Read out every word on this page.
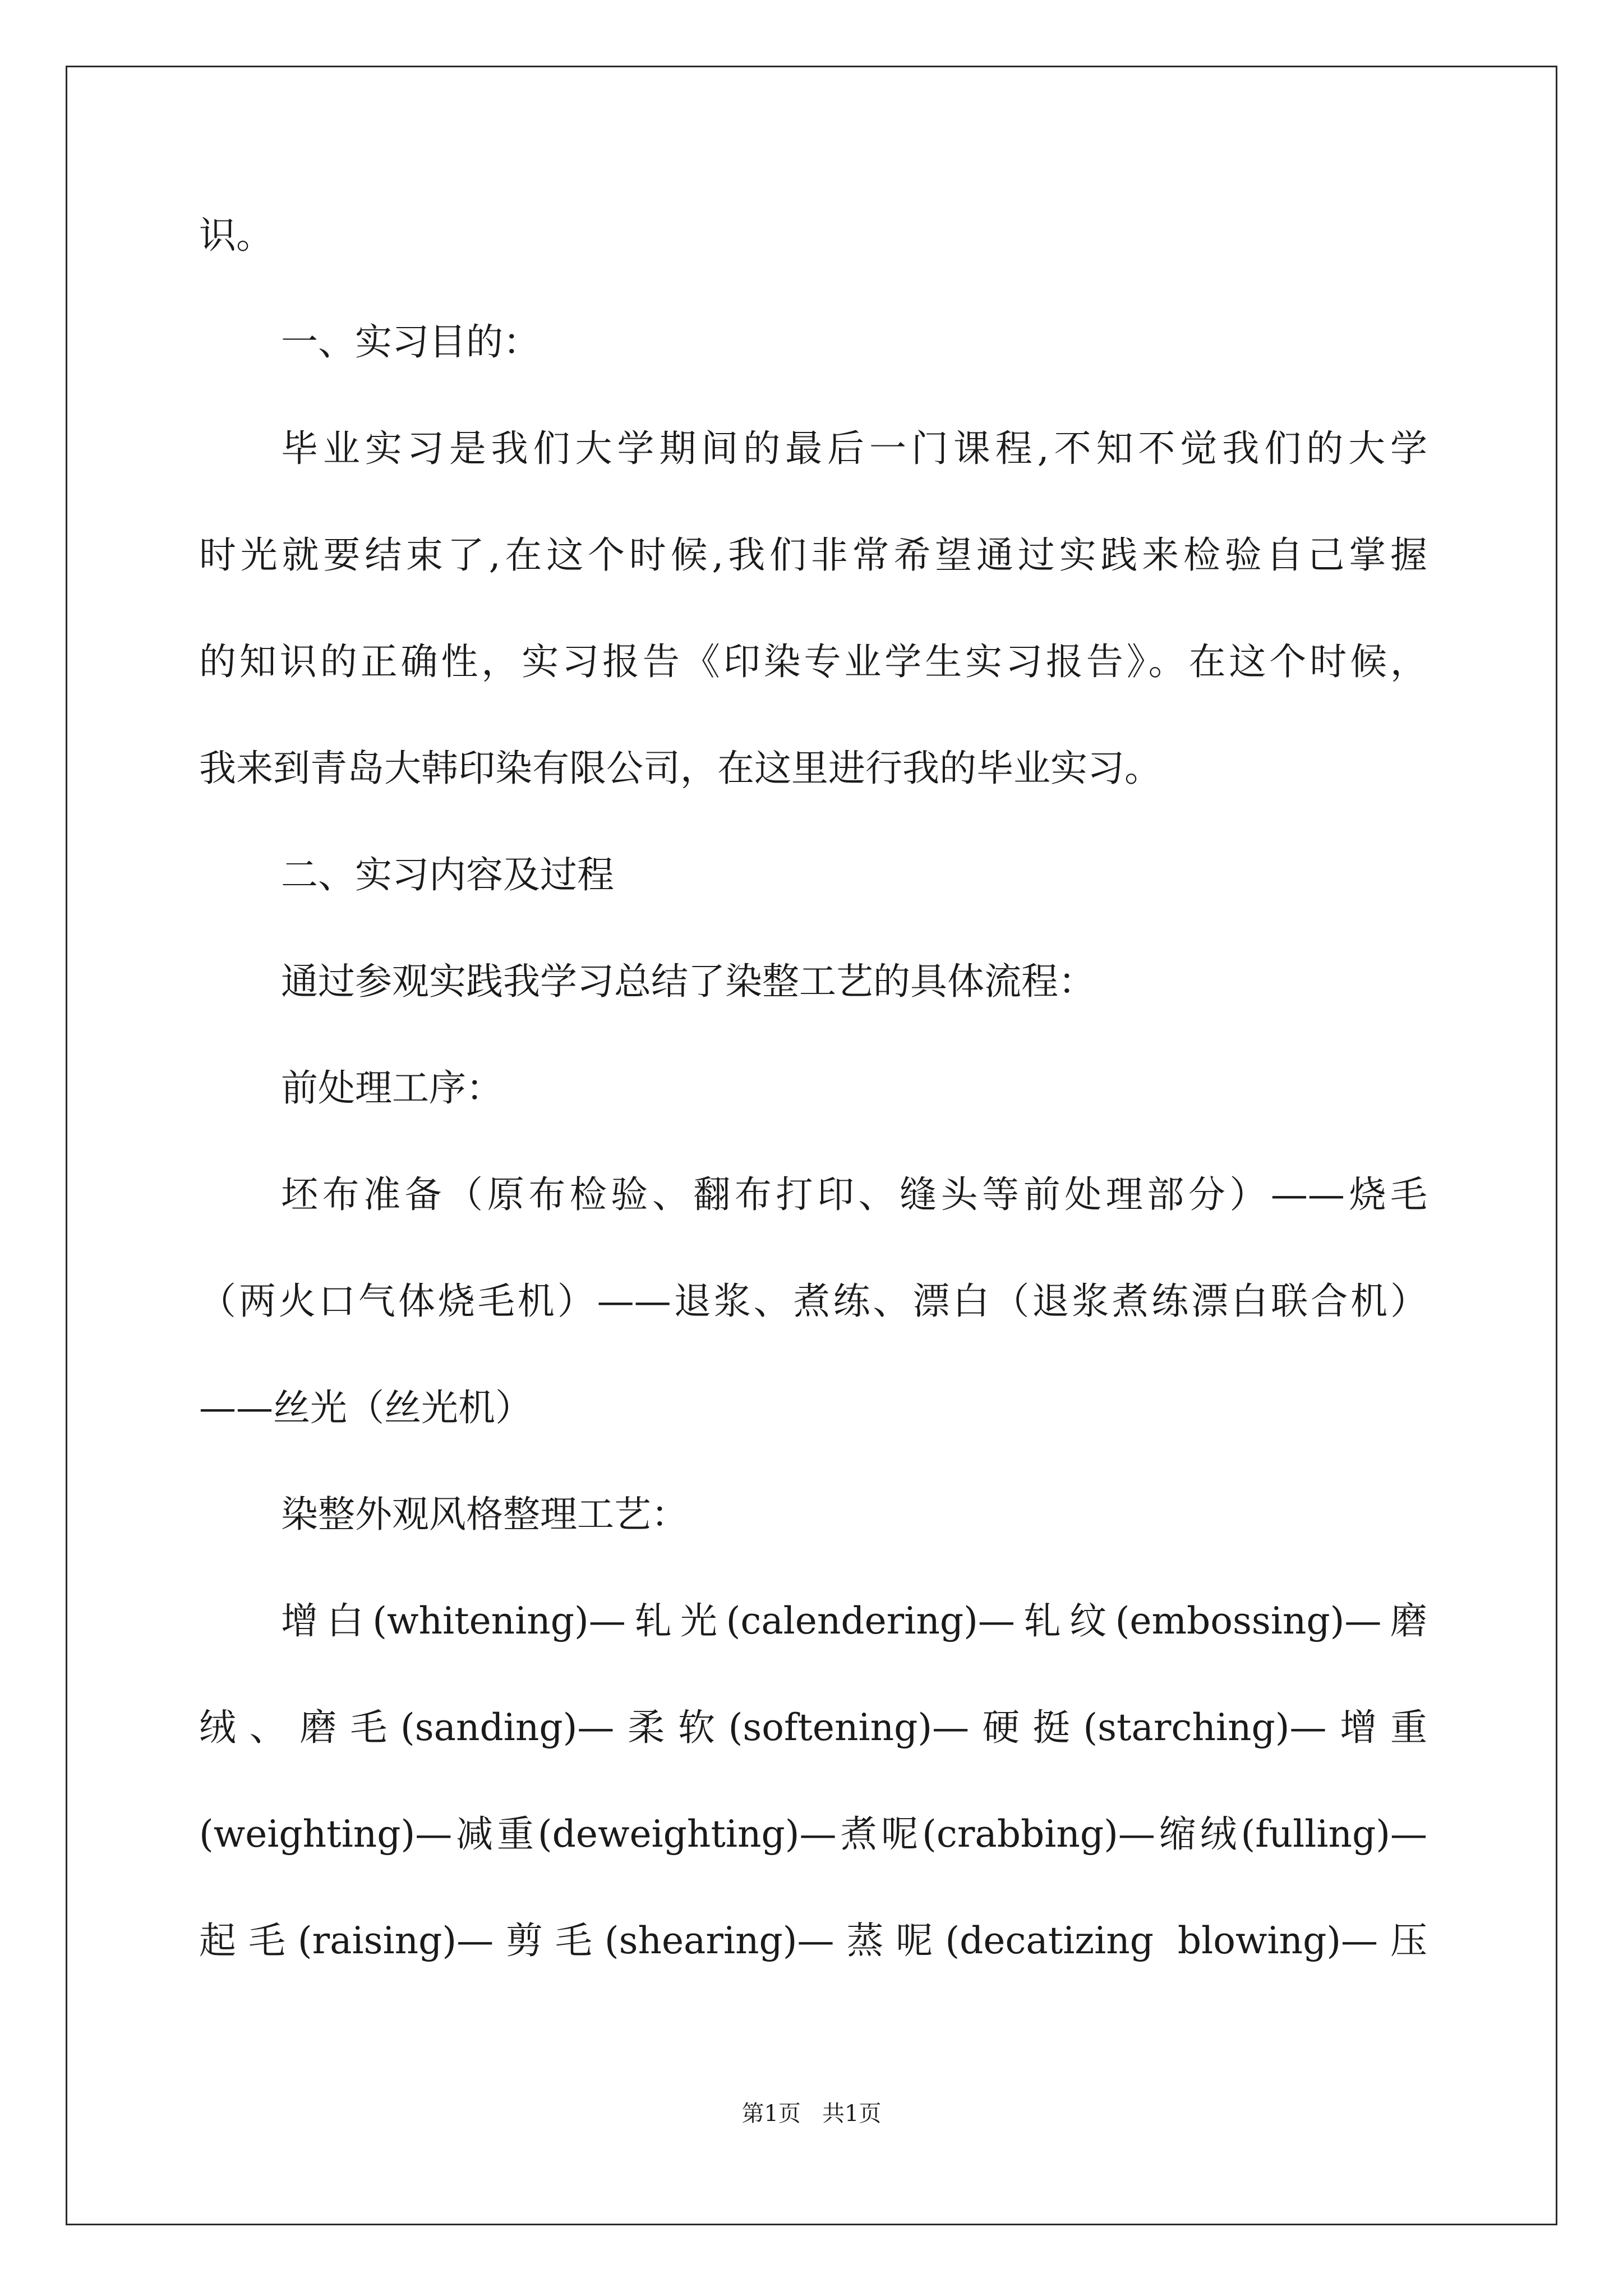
识。
一、实习目的：
毕业实习是我们大学期间的最后一门课程,不知不觉我们的大学
时光就要结束了,在这个时候,我们非常希望通过实践来检验自己掌握
的知识的正确性，实习报告《印染专业学生实习报告》。在这个时候，
我来到青岛大韩印染有限公司，在这里进行我的毕业实习。
二、实习内容及过程
通过参观实践我学习总结了染整工艺的具体流程：
前处理工序：
坯布准备（原布检验、翻布打印、缝头等前处理部分）——烧毛
（两火口气体烧毛机）——退浆、煮练、漂白（退浆煮练漂白联合机）
——丝光（丝光机）
染整外观风格整理工艺：
增白(whitening)—轧光(calendering)—轧纹(embossing)—磨
绒、磨毛(sanding)—柔软(softening)—硬挺(starching)—增重
(weighting)—减重(deweighting)—煮呢(crabbing)—缩绒(fulling)—
起毛(raising)—剪毛(shearing)—蒸呢(decatizing blowing)—压
第1页   共1页
